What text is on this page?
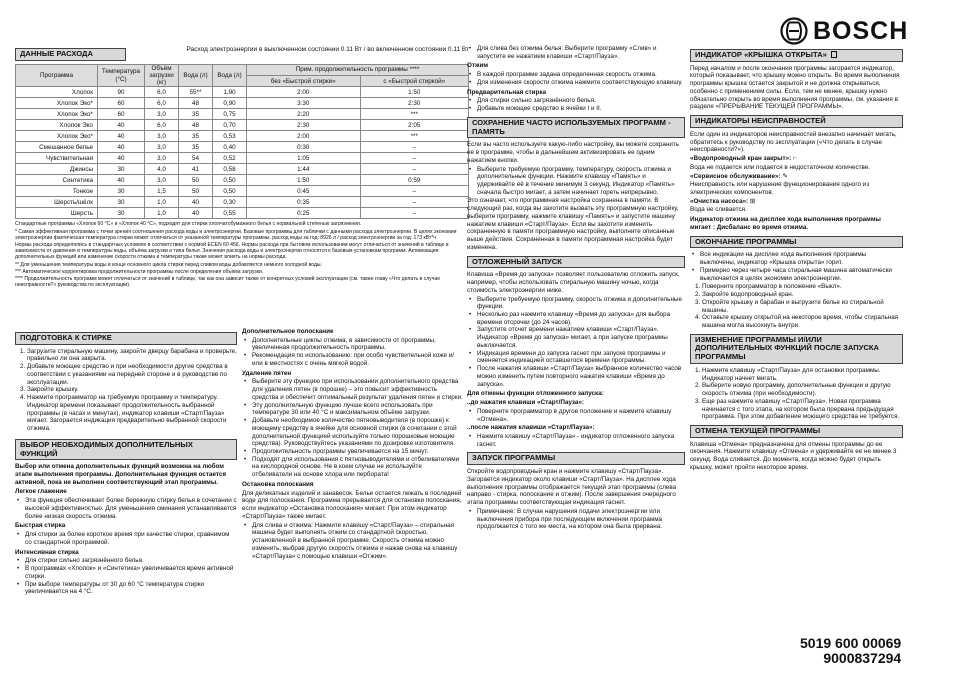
BOSCH
ДАННЫЕ РАСХОДА	Расход электроэнергии в выключенном состоянии 0.11 Вт / во включенном состоянии 0.11 Вт
Программа	Температура (°C)	Объём загрузки (кг)	Вода (л)	Вода (л)	Прим. продолжительность программы ****	
					без «Быстрой стирки»	с «Быстрой стиркой»
Хлопок	90	6,0	55**	1,90	2:00	1:50
Хлопок Эко*	60	6,0	48	0,90	3:30	2:30
Хлопок Эко*	60	3,0	35	0,75	2:20	***
Хлопок Эко	40	6,0	48	0,70	2:30	2:05
Хлопок Эко*	40	3,0	35	0,53	2:00	***
Смешанное белье	40	3,0	35	0,40	0:30	–
Чувствительная	40	3,0	54	0,52	1:05	–
Джинсы	30	4,0	41	0,58	1:44	–
Синтетика	40	3,0	50	0,50	1:50	0:59
Тонкое	30	1,5	50	0,50	0:45	–
Шерсть/шёлк	30	1,0	40	0,30	0:35	–
Шерсть	30	1,0	40	0,55	0:25	–

Стандартные программы «Хлопок 60 °C» и «Хлопок 40 °C», подходят для стирки хлопчатобумажного белья с нормальной степенью загрязнения.

* Самая эффективная программа с точки зрения соотношения расхода воды и электроэнергии. Базовые программы для таблички с данными расхода электроэнергии. В целях экономии электроэнергии фактическая температура стирки может отличаться от указанной температуры программы. расход воды за год: 8926 л / расход электроэнергии за год: 173 кВт*ч

Нормы расхода определялись в стандартных условиях в соответствии с нормой ECEN 60 456. Нормы расхода при бытовом использовании могут отличаться от значений в таблице в зависимости от давления и температуры воды, объёма загрузки и типа белья. Значения расхода воды и электроэнергии относятся к базовым установкам программ. Активизация дополнительных функций или изменение скорости отжима и температуры также может влиять на нормы расхода.

** Для уменьшения температуры воды в конце основного цикла стирки перед сливом воды добавляется немного холодной воды.

*** Автоматическое корректировка продолжительности программы после определения объема загрузки.

**** Продолжительность программ может отличаться от значений в таблице, так как она зависит также от конкретных условий эксплуатации (см. также главу «Что делать в случае неисправности?» руководства по эксплуатации).

ПОДГОТОВКА К СТИРКЕ
1. Загрузите стиральную машину, закройте дверцу барабана и проверьте, правильно ли она закрыта.
2. Добавьте моющее средство и при необходимости другие средства в соответствии с указаниями на передней стороне и в руководстве по эксплуатации.
3. Закройте крышку.
4. Нажмите программатор на требуемую программу и температуру. Индикатор времени показывает продолжительность выбранной программы (в часах и минутах), индикатор клавиши «Старт/Пауза» мигает. Загорается индикация предварительно выбранной скорости отжима.
ВЫБОР НЕОБХОДИМЫХ ДОПОЛНИТЕЛЬНЫХ ФУНКЦИЙ

Выбор или отмена дополнительных функций возможна на любом этапе выполнения программы. Дополнительная функция остается активной, пока не выполнен соответствующий этап программы.

Легкое глажение

• Эта функция обеспечивает более бережную стирку белья в сочетании с высокой эффективностью. Для уменьшения сминания устанавливается более низкая скорость отжима.

Быстрая стирка

• Для стирки за более короткое время при качестве стирки, сравнимом со стандартной программой.

Интенсивная стирка

• Для стирки сильно загрязнённого белья.
• В программах «Хлопок» и «Синтетика» увеличивается время активной стирки.
• При выборе температуры от 30 до 60 °С температура стирки увеличивается на 4 °С.

Дополнительное полоскание

• Дополнительные циклы отжима, в зависимости от программы, увеличенная продолжительность программы.
• Рекомендация по использованию: при особо чувствительной коже и/или в местностях с очень мягкой водой.

Удаление пятен

• Выберите эту функцию при использовании дополнительного средства для удаления пятен (в порошке) – это повысит эффективность средства и обеспечит оптимальный результат удаления пятен и стирки.
• Эту дополнительную функцию лучше всего использовать при температуре 30 или 40 °С и максимальном объёме загрузки.
• Добавьте необходимое количество пятновыводителя (в порошке) к моющему средству в ячейке для основной стирки (в сочетании с этой дополнительной функцией используйте только порошковые моющие средства). Руководствуйтесь указаниями по дозировке изготовителя.
• Продолжительность программы увеличивается на 15 минут.
• Подходят для использования с пятновыводителями и отбеливателями на кислородной основе. Не в коем случае не используйте отбеливатели на основе хлора или пербората!

Остановка полоскания

Для деликатных изделий и занавесок. Белье остается лежать в последней воде для полоскания. Программа прерывается для остановки полоскания, если индикатор «Остановка полоскания» мигает. При этом индикатор «Старт/Пауза» также мигает.

• Для слива и отжима: Нажмите клавишу «Старт/Пауза» – стиральная машина будет выполнять отжим со стандартной скоростью, установленной в выбранной программе. Скорость отжима можно изменить, выбрав другую скорость отжима и нажав снова на клавишу «Старт/Пауза» с помощью клавиши «Отжим».
• Для слива без отжима белья: Выберите программу «Слив» и запустите ее нажатием клавиши «Старт/Пауза».

Отжим

• В каждой программе задана определенная скорость отжима.
• Для изменения скорости отжима нажмите соответствующую клавишу.

Предварительная стирка

• Для стирки сильно загрязнённого белья.
• Добавьте моющее средство в ячейки I и II.
СОХРАНЕНИЕ ЧАСТО ИСПОЛЬЗУЕМЫХ ПРОГРАММ - ПАМЯТЬ

Если вы часто используете какую-либо настройку, вы можете сохранить ее в программе, чтобы в дальнейшем активизировать ее одним нажатием кнопки.

• Выберите требуемую программу, температуру, скорость отжима и дополнительные функции. Нажмите клавишу «Память» и удерживайте её в течение минимум 3 секунд. Индикатор «Память» сначала быстро мигает, а затем начинает гореть непрерывно.

Это означает, что программная настройка сохранена в памяти. В следующий раз, когда вы захотите вызвать эту программную настройку, выберите программу, нажмите клавишу «Память» и запустите машину нажатием клавиши «Старт/Пауза». Если вы захотите изменить сохраненную в памяти программную настройку, выполните описанные выше действия. Сохраненная в памяти программная настройка будет изменена.

ОТЛОЖЕННЫЙ ЗАПУСК

Клавиша «Время до запуска» позволяет пользователю отложить запуск, например, чтобы использовать стиральную машину ночью, когда стоимость электроэнергии ниже.

• Выберите требуемую программу, скорость отжима и дополнительные функции.
• Несколько раз нажмите клавишу «Время до запуска» для выбора времени отсрочки (до 24 часов).
• Запустите отсчет времени нажатием клавиши «Старт/Пауза». Индикатор «Время до запуска» мигает, а при запуске программы выключается.
• Индикация времени до запуска гаснет при запуске программы и сменяется индикацией оставшегося времени программы.
• После нажатия клавиши «Старт/Пауза» выбранное количество часов можно изменить путем повторного нажатия клавиши «Время до запуска».

Для отмены функции отложенного запуска:

..до нажатия клавиши «Старт/Пауза»:

• Поверните программатор в другое положение и нажмите клавишу «Отмена».

..после нажатия клавиши «Старт/Пауза»:

• Нажмите клавишу «Старт/Пауза» - индикатор отложенного запуска гаснет.
ЗАПУСК ПРОГРАММЫ

Откройте водопроводный кран и нажмите клавишу «Старт/Пауза». Загорается индикатор около клавиши «Старт/Пауза». На дисплее хода выполнения программы отображается текущий этап программы (слева направо - стирка, полоскание и отжим). После завершения очередного этапа программы соответствующая индикация гаснет.

• Примечание: В случае нарушения подачи электроэнергии или выключения прибора при последующем включении программа продолжается с того же места, на котором она была прервана.
ИНДИКАТОР «КРЫШКА ОТКРЫТА»

Перед началом и после окончания программы загорается индикатор, который показывает, что крышку можно открыть. Во время выполнения программы крышка остается закрытой и не должна открываться, особенно с применением силы. Если, тем не менее, крышку нужно обязательно открыть во время выполнения программы, см. указания в разделе «ПРЕРЫВАНИЕ ТЕКУЩЕЙ ПРОГРАММЫ».

ИНДИКАТОРЫ НЕИСПРАВНОСТЕЙ

Если один из индикаторов неисправностей внезапно начинает мигать, обратитесь к руководству по эксплуатации («Что делать в случае неисправности?»).

«Водопроводный кран закрыт»: ⌐

Вода не подается или подается в недостаточном количестве.

«Сервисное обслуживание»: ✎

Неисправность или нарушение функционирования одного из электрических компонентов.

«Очистка насоса»: ⊞

Вода не сливается.

Индикатор отжима на дисплее хода выполнения программы мигает : Дисбаланс во время отжима.

ОКОНЧАНИЕ ПРОГРАММЫ
• Все индикации на дисплее хода выполнения программы выключены, индикатор «Крышка открыта» горит.
• Примерно через четыре часа стиральная машина автоматически выключается в целях экономии электроэнергии.
1. Поверните программатор в положение «Выкл».
2. Закройте водопроводный кран.
3. Откройте крышку и барабан и выгрузите белье из стиральной машины.
4. Оставьте крышку открытой на некоторое время, чтобы стиральная машина могла высохнуть внутри.
ИЗМЕНЕНИЕ ПРОГРАММЫ И/ИЛИ ДОПОЛНИТЕЛЬНЫХ ФУНКЦИЙ ПОСЛЕ ЗАПУСКА ПРОГРАММЫ
1. Нажмите клавишу «Старт/Пауза» для остановки программы. Индикатор начнет мигать.
2. Выберите новую программу, дополнительные функции и другую скорость отжима (при необходимости).
3. Еще раз нажмите клавишу «Старт/Пауза». Новая программа начинается с того этапа, на котором была прервана предыдущая программа. При этом добавление моющего средства не требуется.
ОТМЕНА ТЕКУЩЕЙ ПРОГРАММЫ

Клавиша «Отмена» предназначена для отмены программы до ее окончания. Нажмите клавишу «Отмена» и удерживайте ее не менее 3 секунд. Вода сливается. До момента, когда можно будет открыть крышку, может пройти некоторое время.

5019 600 00069
9000837294
